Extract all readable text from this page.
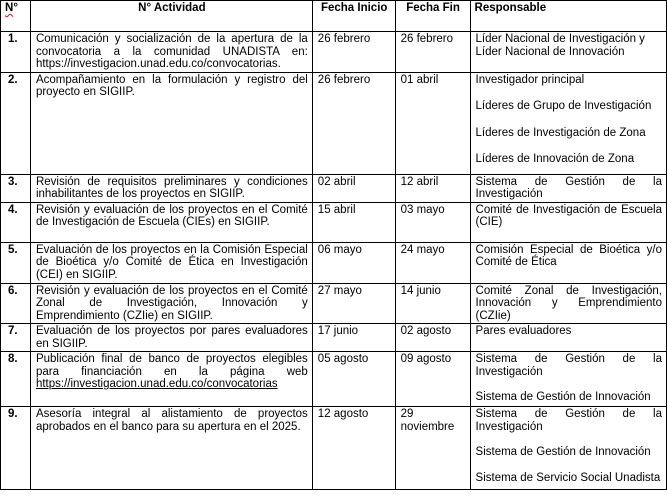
N°	N° Actividad	Fecha Inicio	Fecha Fin	Responsable
1.	Comunicación y socialización de la apertura de la convocatoria a la comunidad UNADISTA en: https://investigacion.unad.edu.co/convocatorias.	26 febrero	26 febrero	Líder Nacional de Investigación y
Líder Nacional de Innovación

2.	Acompañamiento en la formulación y registro del proyecto en SIGIIP.	26 febrero	01 abril	Investigador principal
Líderes de Grupo de Investigación
Líderes de Investigación de Zona
Líderes de Innovación de Zona

3.	Revisión de requisitos preliminares y condiciones inhabilitantes de los proyectos en SIGIIP.	02 abril	12 abril	Sistema de Gestión de la Investigación

4.	Revisión y evaluación de los proyectos en el Comité de Investigación de Escuela (CIEs) en SIGIIP.	15 abril	03 mayo	Comité de Investigación de Escuela (CIE)

5.	Evaluación de los proyectos en la Comisión Especial de Bioética y/o Comité de Ética en Investigación (CEI) en SIGIIP.	06 mayo	24 mayo	Comisión Especial de Bioética y/o Comité de Ética

6.	Revisión y evaluación de los proyectos en el Comité Zonal de Investigación, Innovación y Emprendimiento (CZIie) en SIGIIP.	27 mayo	14 junio	Comité Zonal de Investigación, Innovación y Emprendimiento (CZIie)

7.	Evaluación de los proyectos por pares evaluadores en SIGIIP.	17 junio	02 agosto	Pares evaluadores

8.	Publicación final de banco de proyectos elegibles para financiación en la página web https://investigacion.unad.edu.co/convocatorias	05 agosto	09 agosto	Sistema de Gestión de la Investigación
Sistema de Gestión de Innovación

9.	Asesoría integral al alistamiento de proyectos aprobados en el banco para su apertura en el 2025.	12 agosto	29 noviembre	Sistema de Gestión de la Investigación
Sistema de Gestión de Innovación
Sistema de Servicio Social Unadista
